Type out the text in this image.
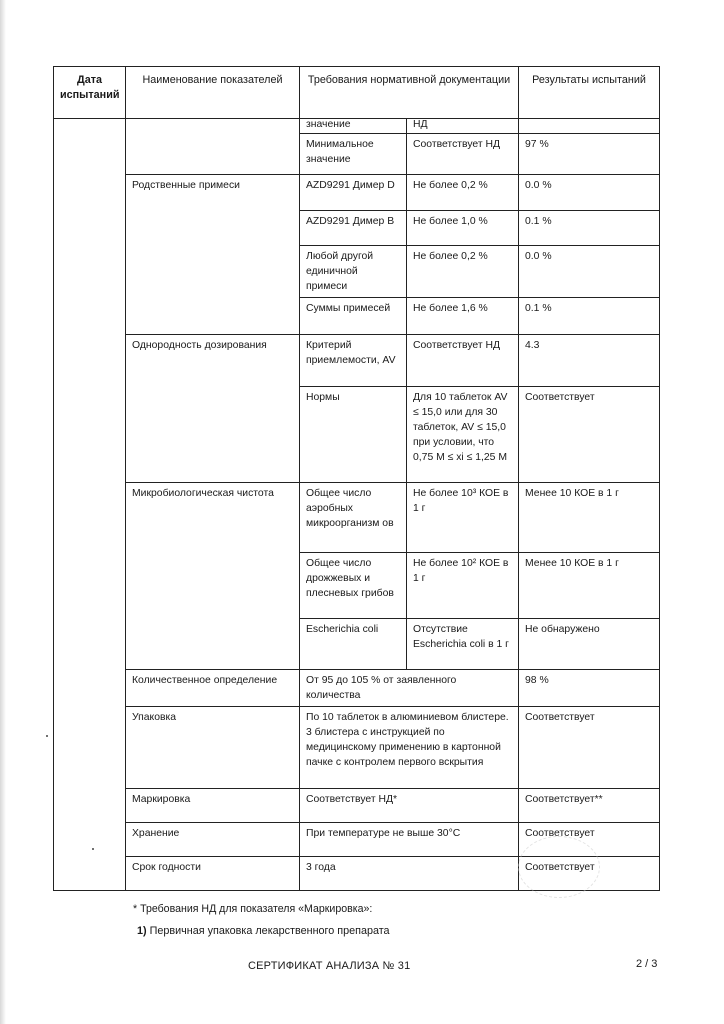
Дата испытаний	Наименование показателей	Требования нормативной документации		Результаты испытаний
		значение	НД	
		Минимальное значение	Соответствует НД	97 %
	Родственные примеси	AZD9291 Димер D	Не более 0,2 %	0.0 %
		AZD9291 Димер B	Не более 1,0 %	0.1 %
		Любой другой единичной примеси	Не более 0,2 %	0.0 %
		Суммы примесей	Не более 1,6 %	0.1 %
	Однородность дозирования	Критерий приемлемости, AV	Соответствует НД	4.3
		Нормы	Для 10 таблеток AV ≤ 15,0 или для 30 таблеток, AV ≤ 15,0 при условии, что 0,75 M ≤ xi ≤ 1,25 M	Соответствует
	Микробиологическая чистота	Общее число аэробных микроорганизм ов	Не более 10³ КОЕ в 1 г	Менее 10 КОЕ в 1 г
		Общее число дрожжевых и плесневых грибов	Не более 10² КОЕ в 1 г	Менее 10 КОЕ в 1 г
		Escherichia coli	Отсутствие Escherichia coli в 1 г	Не обнаружено
	Количественное определение	От 95 до 105 % от заявленного количества		98 %
	Упаковка	По 10 таблеток в алюминиевом блистере. 3 блистера с инструкцией по медицинскому применению в картонной пачке с контролем первого вскрытия		Соответствует
	Маркировка	Соответствует НД*		Соответствует**
	Хранение	При температуре не выше 30°С		Соответствует
	Срок годности	3 года		Соответствует
* Требования НД для показателя «Маркировка»:
1) Первичная упаковка лекарственного препарата
СЕРТИФИКАТ АНАЛИЗА № 31	2 / 3
